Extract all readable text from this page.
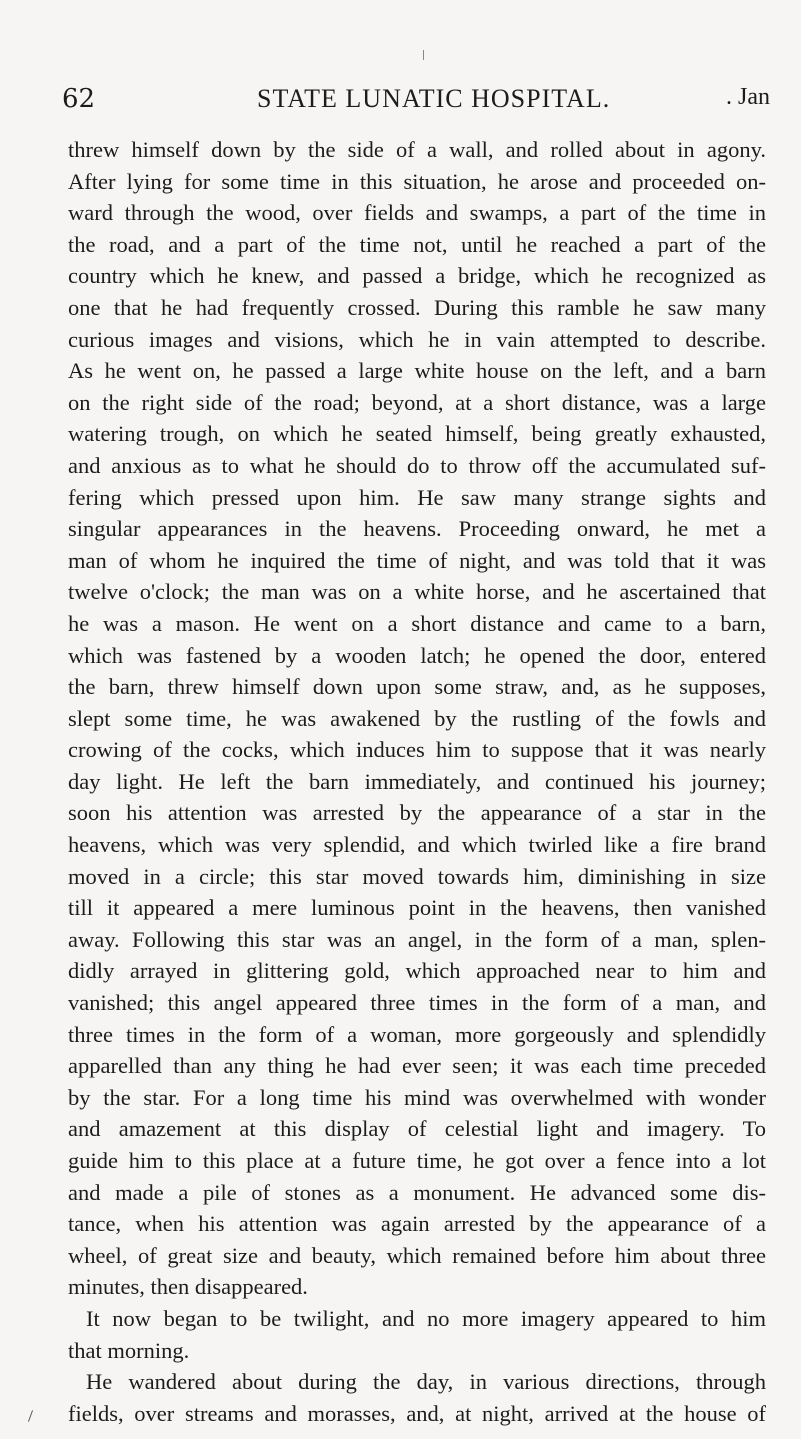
62	STATE LUNATIC HOSPITAL.	. Jan
threw himself down by the side of a wall, and rolled about in agony.
After lying for some time in this situation, he arose and proceeded on-
ward through the wood, over fields and swamps, a part of the time in
the road, and a part of the time not, until he reached a part of the
country which he knew, and passed a bridge, which he recognized as
one that he had frequently crossed. During this ramble he saw many
curious images and visions, which he in vain attempted to describe.
As he went on, he passed a large white house on the left, and a barn
on the right side of the road; beyond, at a short distance, was a large
watering trough, on which he seated himself, being greatly exhausted,
and anxious as to what he should do to throw off the accumulated suf-
fering which pressed upon him. He saw many strange sights and
singular appearances in the heavens. Proceeding onward, he met a
man of whom he inquired the time of night, and was told that it was
twelve o'clock; the man was on a white horse, and he ascertained that
he was a mason. He went on a short distance and came to a barn,
which was fastened by a wooden latch; he opened the door, entered
the barn, threw himself down upon some straw, and, as he supposes,
slept some time, he was awakened by the rustling of the fowls and
crowing of the cocks, which induces him to suppose that it was nearly
day light. He left the barn immediately, and continued his journey;
soon his attention was arrested by the appearance of a star in the
heavens, which was very splendid, and which twirled like a fire brand
moved in a circle; this star moved towards him, diminishing in size
till it appeared a mere luminous point in the heavens, then vanished
away. Following this star was an angel, in the form of a man, splen-
didly arrayed in glittering gold, which approached near to him and
vanished; this angel appeared three times in the form of a man, and
three times in the form of a woman, more gorgeously and splendidly
apparelled than any thing he had ever seen; it was each time preceded
by the star. For a long time his mind was overwhelmed with wonder
and amazement at this display of celestial light and imagery. To
guide him to this place at a future time, he got over a fence into a lot
and made a pile of stones as a monument. He advanced some dis-
tance, when his attention was again arrested by the appearance of a
wheel, of great size and beauty, which remained before him about three
minutes, then disappeared.
It now began to be twilight, and no more imagery appeared to him
that morning.
He wandered about during the day, in various directions, through
fields, over streams and morasses, and, at night, arrived at the house of
